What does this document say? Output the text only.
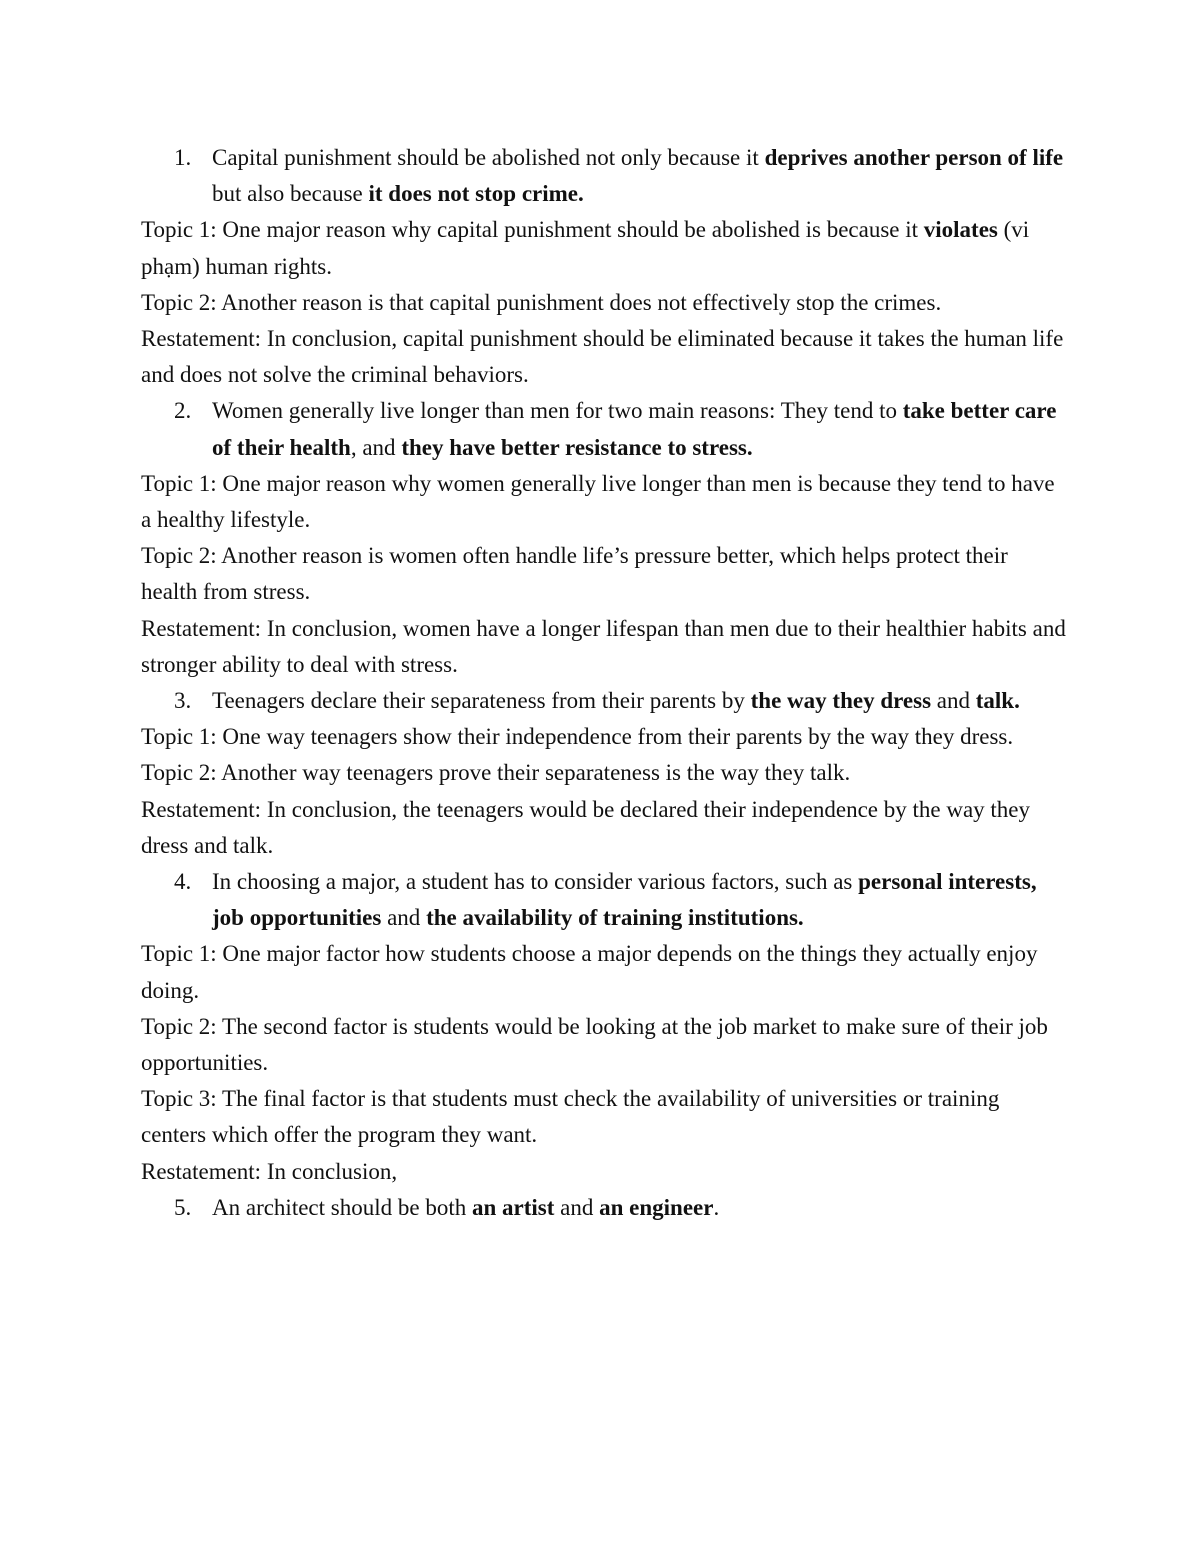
1. Capital punishment should be abolished not only because it deprives another person of life but also because it does not stop crime.

Topic 1: One major reason why capital punishment should be abolished is because it violates (vi phạm) human rights.

Topic 2: Another reason is that capital punishment does not effectively stop the crimes.

Restatement: In conclusion, capital punishment should be eliminated because it takes the human life and does not solve the criminal behaviors.

2. Women generally live longer than men for two main reasons: They tend to take better care of their health, and they have better resistance to stress.

Topic 1: One major reason why women generally live longer than men is because they tend to have a healthy lifestyle.

Topic 2: Another reason is women often handle life’s pressure better, which helps protect their health from stress.

Restatement: In conclusion, women have a longer lifespan than men due to their healthier habits and stronger ability to deal with stress.

3. Teenagers declare their separateness from their parents by the way they dress and talk.

Topic 1: One way teenagers show their independence from their parents by the way they dress.

Topic 2: Another way teenagers prove their separateness is the way they talk.

Restatement: In conclusion, the teenagers would be declared their independence by the way they dress and talk.

4. In choosing a major, a student has to consider various factors, such as personal interests, job opportunities and the availability of training institutions.

Topic 1: One major factor how students choose a major depends on the things they actually enjoy doing.

Topic 2: The second factor is students would be looking at the job market to make sure of their job opportunities.

Topic 3: The final factor is that students must check the availability of universities or training centers which offer the program they want.

Restatement: In conclusion,

5. An architect should be both an artist and an engineer.
